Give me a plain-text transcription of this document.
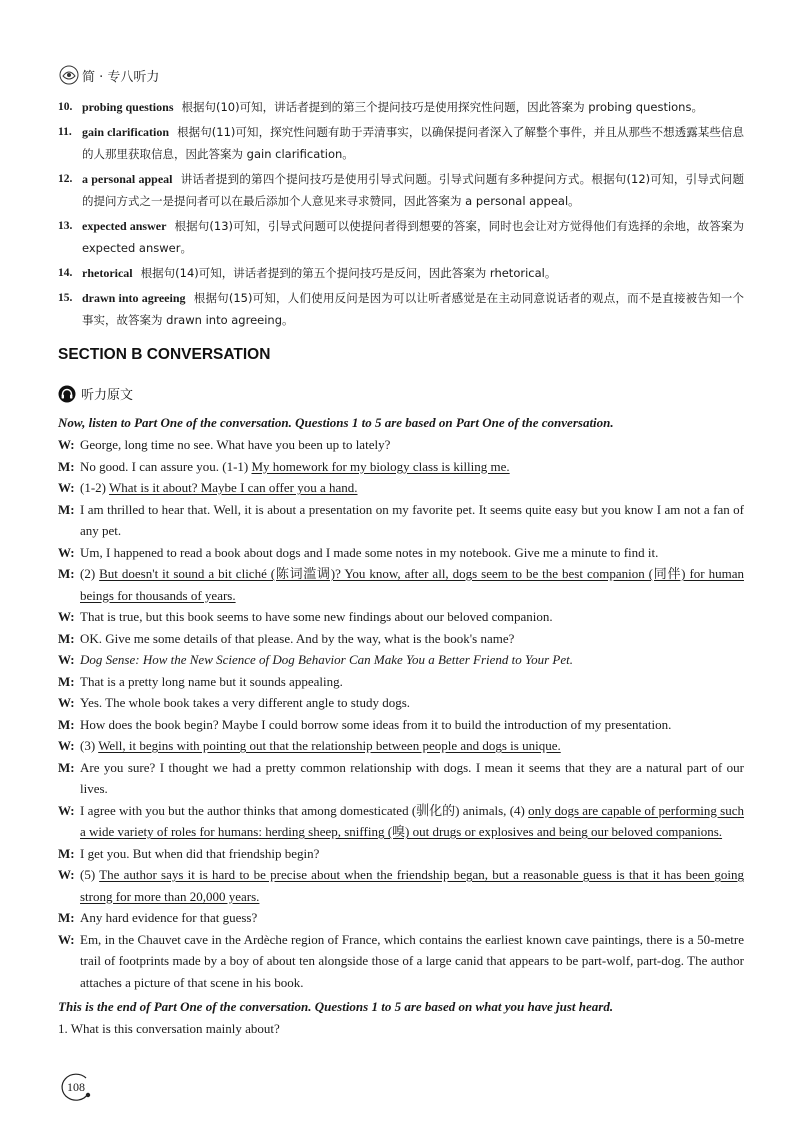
简 · 专八听力
10. probing questions 根据句(10)可知，讲话者提到的第三个提问技巧是使用探究性问题，因此答案为 probing questions。
11. gain clarification 根据句(11)可知，探究性问题有助于弄清事实，以确保提问者深入了解整个事件，并且从那些不想透露某些信息的人那里获取信息，因此答案为 gain clarification。
12. a personal appeal 讲话者提到的第四个提问技巧是使用引导式问题。引导式问题有多种提问方式。根据句(12)可知，引导式问题的提问方式之一是提问者可以在最后添加个人意见来寻求赞同，因此答案为 a personal appeal。
13. expected answer 根据句(13)可知，引导式问题可以使提问者得到想要的答案，同时也会让对方觉得他们有选择的余地，故答案为 expected answer。
14. rhetorical 根据句(14)可知，讲话者提到的第五个提问技巧是反问，因此答案为 rhetorical。
15. drawn into agreeing 根据句(15)可知，人们使用反问是因为可以让听者感觉是在主动同意说话者的观点，而不是直接被告知一个事实，故答案为 drawn into agreeing。
SECTION B CONVERSATION
听力原文
Now, listen to Part One of the conversation. Questions 1 to 5 are based on Part One of the conversation.
W: George, long time no see. What have you been up to lately?
M: No good. I can assure you. (1-1) My homework for my biology class is killing me.
W: (1-2) What is it about? Maybe I can offer you a hand.
M: I am thrilled to hear that. Well, it is about a presentation on my favorite pet. It seems quite easy but you know I am not a fan of any pet.
W: Um, I happened to read a book about dogs and I made some notes in my notebook. Give me a minute to find it.
M: (2) But doesn't it sound a bit cliché (陈词滥调)? You know, after all, dogs seem to be the best companion (同伴) for human beings for thousands of years.
W: That is true, but this book seems to have some new findings about our beloved companion.
M: OK. Give me some details of that please. And by the way, what is the book's name?
W: Dog Sense: How the New Science of Dog Behavior Can Make You a Better Friend to Your Pet.
M: That is a pretty long name but it sounds appealing.
W: Yes. The whole book takes a very different angle to study dogs.
M: How does the book begin? Maybe I could borrow some ideas from it to build the introduction of my presentation.
W: (3) Well, it begins with pointing out that the relationship between people and dogs is unique.
M: Are you sure? I thought we had a pretty common relationship with dogs. I mean it seems that they are a natural part of our lives.
W: I agree with you but the author thinks that among domesticated (驯化的) animals, (4) only dogs are capable of performing such a wide variety of roles for humans: herding sheep, sniffing (嗅) out drugs or explosives and being our beloved companions.
M: I get you. But when did that friendship begin?
W: (5) The author says it is hard to be precise about when the friendship began, but a reasonable guess is that it has been going strong for more than 20,000 years.
M: Any hard evidence for that guess?
W: Em, in the Chauvet cave in the Ardèche region of France, which contains the earliest known cave paintings, there is a 50-metre trail of footprints made by a boy of about ten alongside those of a large canid that appears to be part-wolf, part-dog. The author attaches a picture of that scene in his book.
This is the end of Part One of the conversation. Questions 1 to 5 are based on what you have just heard.
1. What is this conversation mainly about?
108
